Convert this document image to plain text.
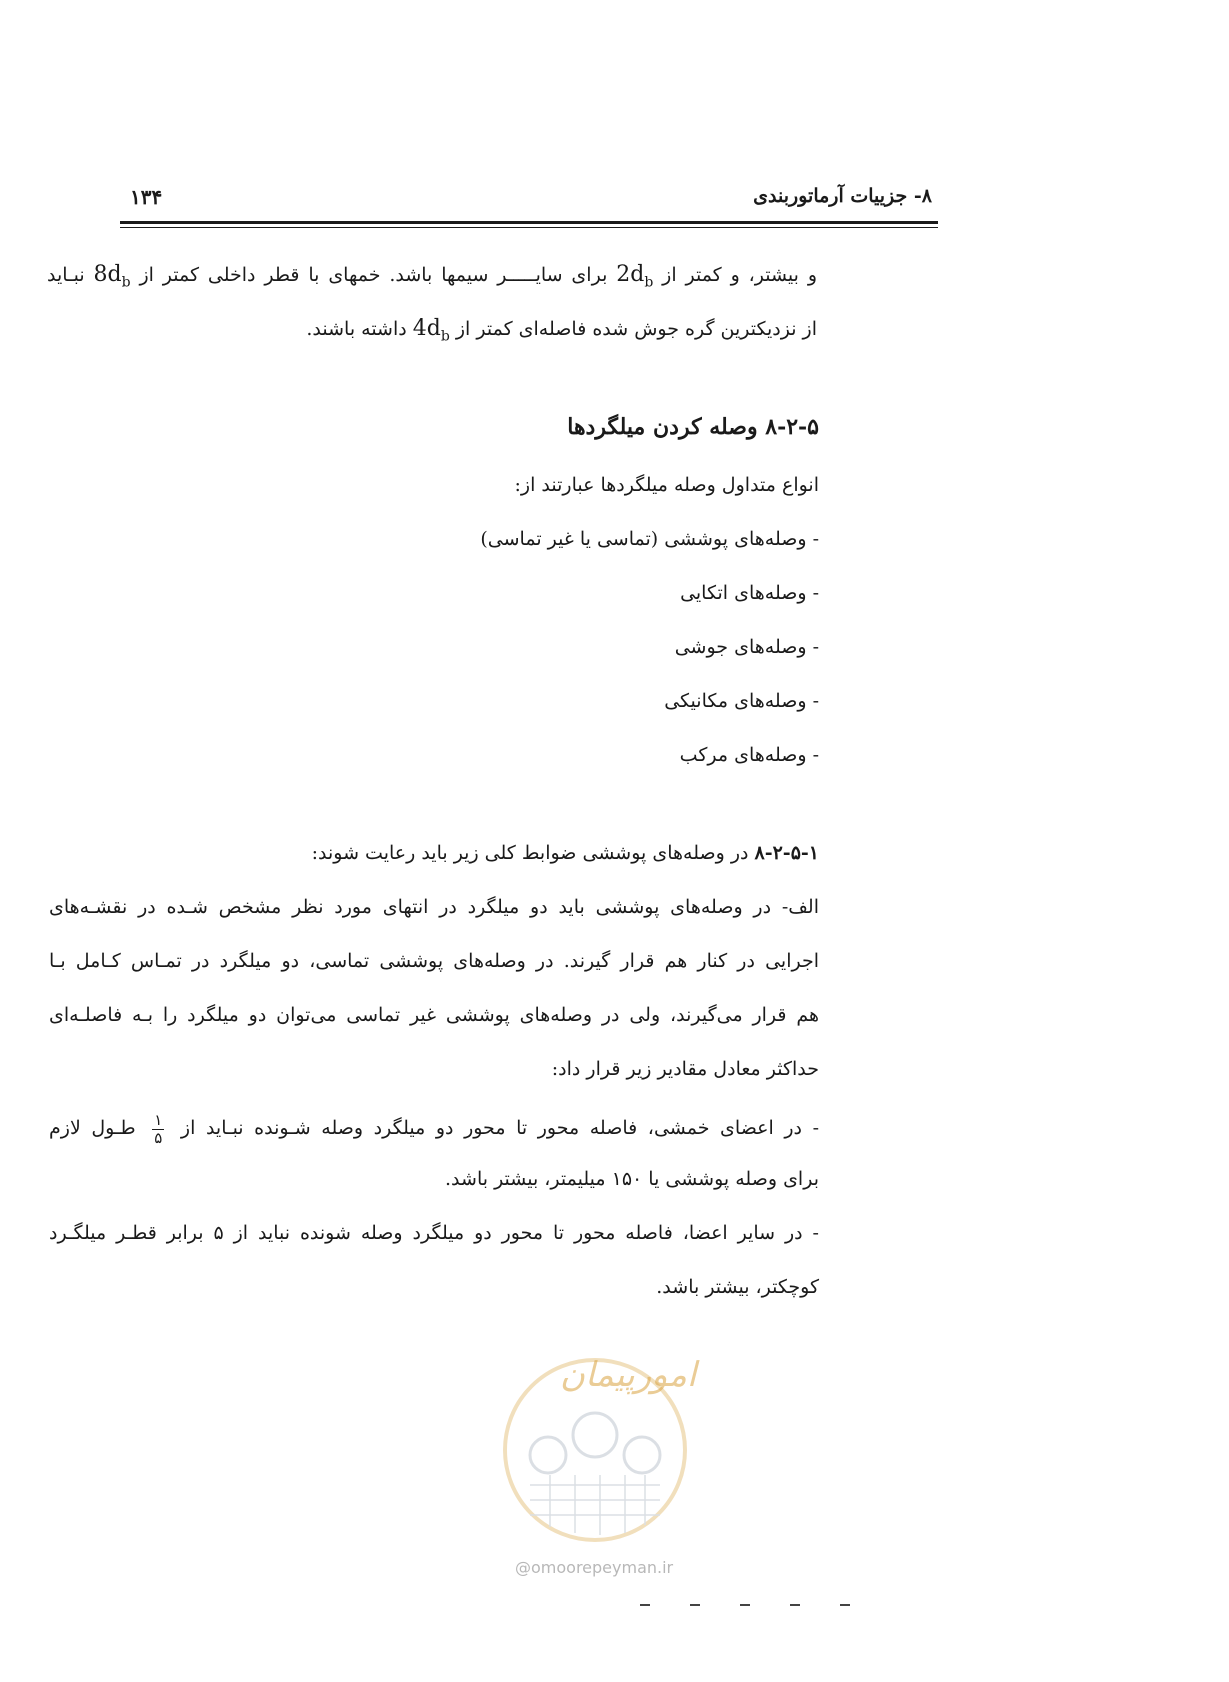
۱۳۴	۸- جزییات آرماتوربندی
و بیشتر، و کمتر از $2d_b$ برای سایـــــر سیمها باشد. خمهای با قطر داخلی کمتر از $8d_b$ نبـاید
از نزدیکترین گره جوش شده فاصله‌ای کمتر از $4d_b$ داشته باشند.
۸-۲-۵ وصله کردن میلگردها
انواع متداول وصله میلگردها عبارتند از:
- وصله‌های پوششی (تماسی یا غیر تماسی)
- وصله‌های اتکایی
- وصله‌های جوشی
- وصله‌های مکانیکی
- وصله‌های مرکب
۸-۲-۵-۱ در وصله‌های پوششی ضوابط کلی زیر باید رعایت شوند:
الف- در وصله‌های پوششی باید دو میلگرد در انتهای مورد نظر مشخص شـده در نقشـه‌های
اجرایی در کنار هم قرار گیرند. در وصله‌های پوششی تماسی، دو میلگرد در تمـاس کـامل بـا
هم قرار می‌گیرند، ولی در وصله‌های پوششی غیر تماسی می‌توان دو میلگرد را بـه فاصلـه‌ای
حداکثر معادل مقادیر زیر قرار داد:
- در اعضای خمشی، فاصله محور تا محور دو میلگرد وصله شـونده نبـاید از
$\frac{۱}{۵}$
طـول لازم
برای وصله پوششی یا ۱۵۰ میلیمتر، بیشتر باشد.
- در سایر اعضا، فاصله محور تا محور دو میلگرد وصله شونده نباید از ۵ برابر قطـر میلگـرد
کوچکتر، بیشتر باشد.
امورپیمان
@omoorepeyman.ir
